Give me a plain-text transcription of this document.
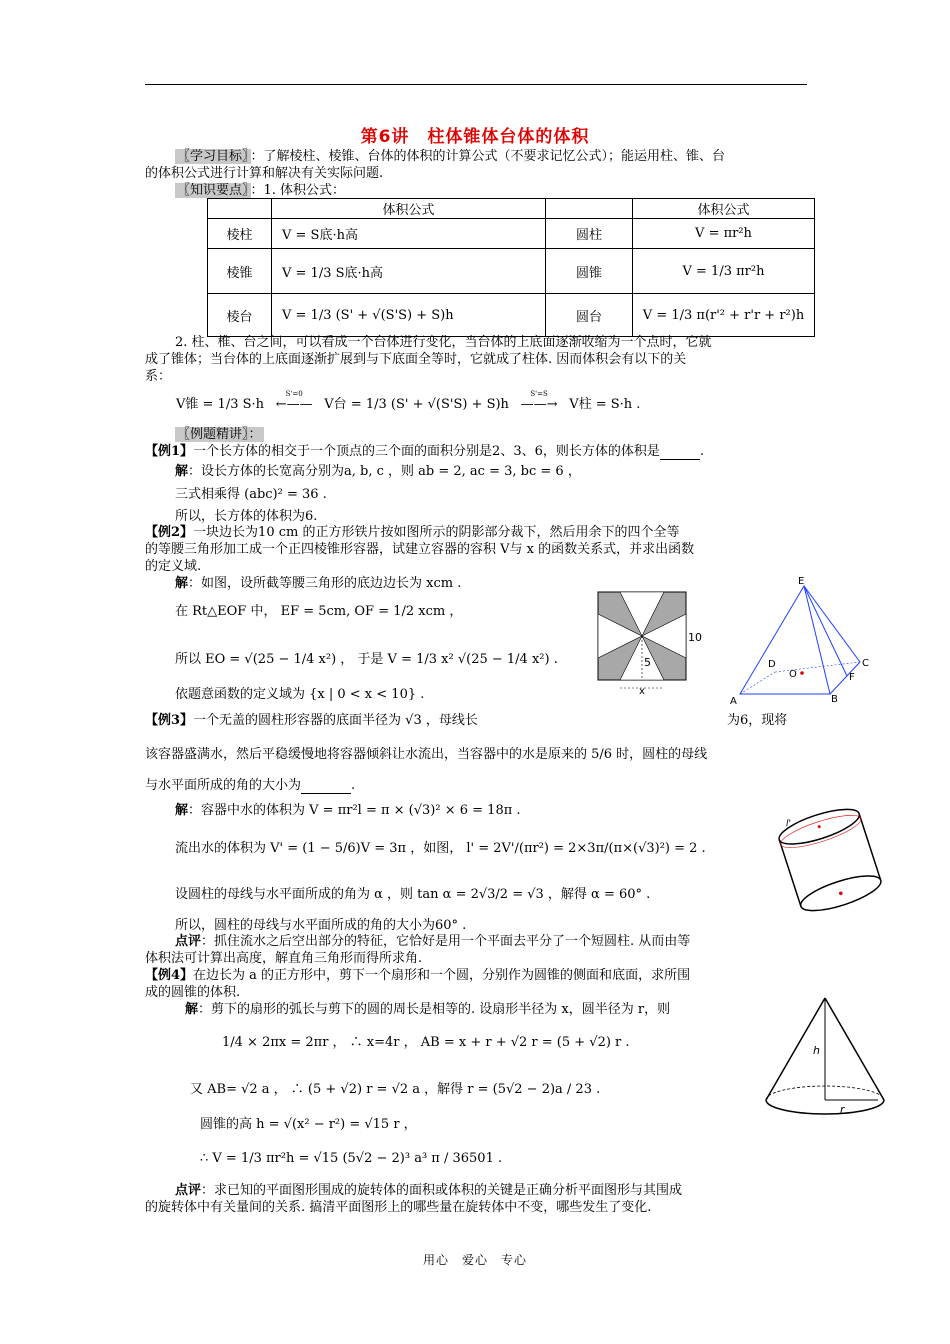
第6讲　柱体锥体台体的体积
〖学习目标〗 ：了解棱柱、棱锥、台体的体积的计算公式（不要求记忆公式）；能运用柱、锥、台
的体积公式进行计算和解决有关实际问题.
〖知识要点〗 ：1. 体积公式：
	体积公式		体积公式
棱柱	V = S底·h高	圆柱	V = πr²h
棱锥	V = 1/3 S底·h高	圆锥	V = 1/3 πr²h
棱台	V = 1/3 (S' + √(S'S) + S)h	圆台	V = 1/3 π(r'² + r'r + r²)h
2. 柱、椎、台之间，可以看成一个台体进行变化，当台体的上底面逐渐收缩为一个点时，它就
成了锥体；当台体的上底面逐渐扩展到与下底面全等时，它就成了柱体. 因而体积会有以下的关
系：
V锥 = 1/3 S·h
S'=0
←—— V台 = 1/3 (S' + √(S'S) + S)h
S'=S
——→ V柱 = S·h .
〖例题精讲〗：
【例1】一个长方体的相交于一个顶点的三个面的面积分别是2、3、6，则长方体的体积是	.
解：设长方体的长宽高分别为a, b, c ，则 ab = 2, ac = 3, bc = 6 ，
三式相乘得 (abc)² = 36 .
所以，长方体的体积为6.
【例2】一块边长为10 cm 的正方形铁片按如图所示的阴影部分裁下，然后用余下的四个全等
的等腰三角形加工成一个正四棱锥形容器，试建立容器的容积 V与 x 的函数关系式，并求出函数
的定义域.
解：如图，设所截等腰三角形的底边边长为 xcm .
在 Rt△EOF 中， EF = 5cm, OF = 1/2 xcm ，
所以 EO = √(25 − 1/4 x²) ， 于是 V = 1/3 x² √(25 − 1/4 x²) .
依题意函数的定义域为 {x | 0 < x < 10} .
10
5
x
E
D
O
C
F
A	B
【例3】一个无盖的圆柱形容器的底面半径为 √3 ，母线长	为6，现将
该容器盛满水，然后平稳缓慢地将容器倾斜让水流出，当容器中的水是原来的 5/6 时，圆柱的母线
与水平面所成的角的大小为	.
解：容器中水的体积为 V = πr²l = π × (√3)² × 6 = 18π .
流出水的体积为 V' = (1 − 5/6)V = 3π ，如图， l' = 2V'/(πr²) = 2×3π/(π×(√3)²) = 2 .
设圆柱的母线与水平面所成的角为 α ，则 tan α = 2√3/2 = √3 ，解得 α = 60° .
所以，圆柱的母线与水平面所成的角的大小为60° .
l'
点评：抓住流水之后空出部分的特征，它恰好是用一个平面去平分了一个短圆柱. 从而由等
体积法可计算出高度，解直角三角形而得所求角.
【例4】在边长为 a 的正方形中，剪下一个扇形和一个圆，分别作为圆锥的侧面和底面，求所围
成的圆锥的体积.
解：剪下的扇形的弧长与剪下的圆的周长是相等的. 设扇形半径为 x，圆半径为 r，则
1/4 × 2πx = 2πr ， ∴ x=4r ， AB = x + r + √2 r = (5 + √2) r .
又 AB= √2 a ， ∴ (5 + √2) r = √2 a ，解得 r = (5√2 − 2)a / 23 .
圆锥的高 h = √(x² − r²) = √15 r ，
∴ V = 1/3 πr²h = √15 (5√2 − 2)³ a³ π / 36501 .
h
r
点评：求已知的平面图形围成的旋转体的面积或体积的关键是正确分析平面图形与其围成
的旋转体中有关量间的关系. 搞清平面图形上的哪些量在旋转体中不变，哪些发生了变化.
用心　爱心　专心
